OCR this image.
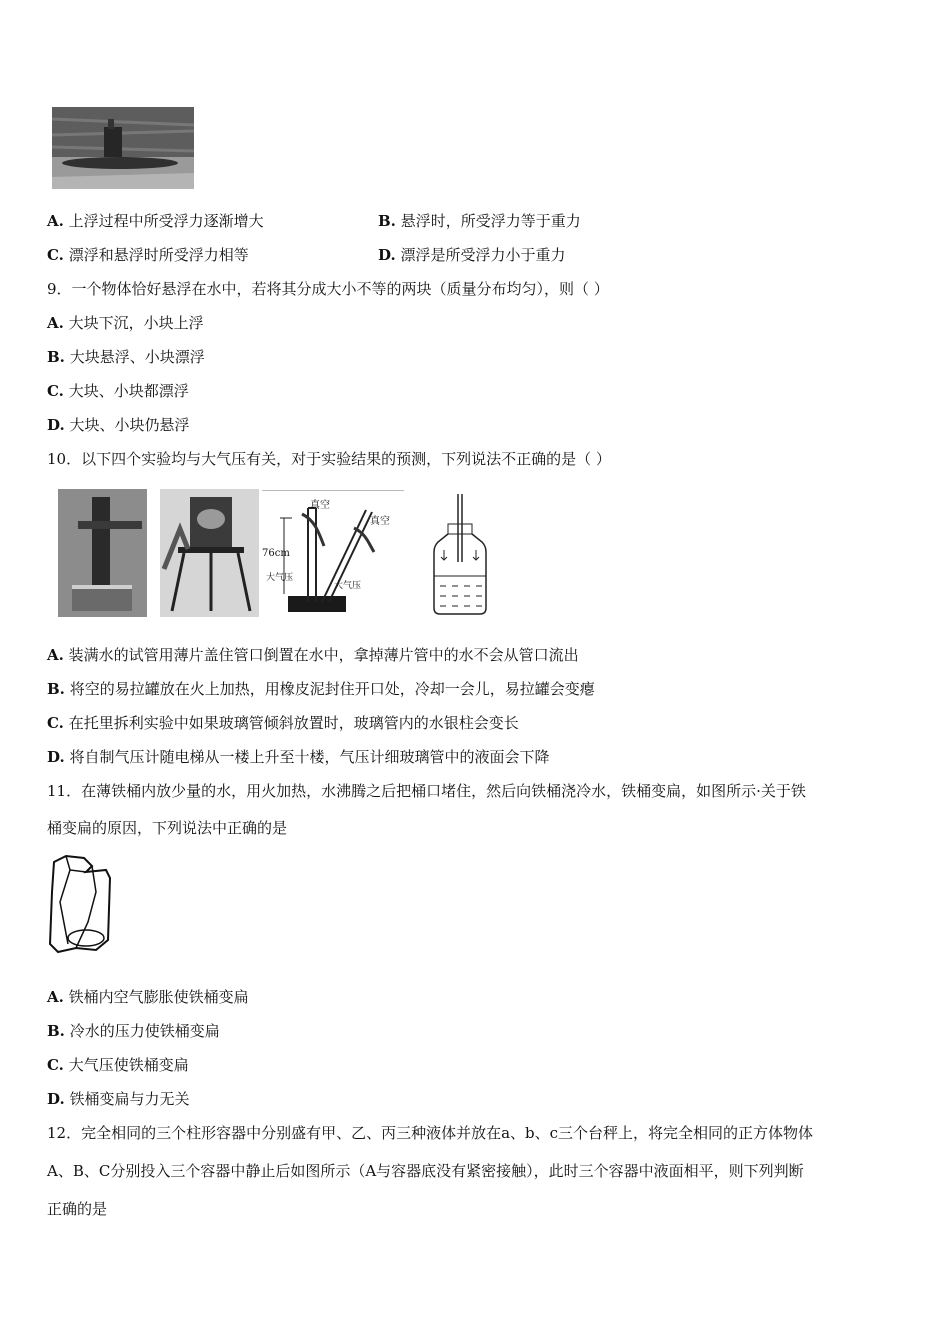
A. 上浮过程中所受浮力逐渐增大	B. 悬浮时，所受浮力等于重力
C. 漂浮和悬浮时所受浮力相等	D. 漂浮是所受浮力小于重力
9．一个物体恰好悬浮在水中，若将其分成大小不等的两块（质量分布均匀），则（ ）
A. 大块下沉，小块上浮
B. 大块悬浮、小块漂浮
C. 大块、小块都漂浮
D. 大块、小块仍悬浮
10．以下四个实验均与大气压有关，对于实验结果的预测，下列说法不正确的是（ ）
真空
真空
76cm
大气压
大气压
A. 装满水的试管用薄片盖住管口倒置在水中，拿掉薄片管中的水不会从管口流出
B. 将空的易拉罐放在火上加热，用橡皮泥封住开口处，冷却一会儿，易拉罐会变瘪
C. 在托里拆利实验中如果玻璃管倾斜放置时，玻璃管内的水银柱会变长
D. 将自制气压计随电梯从一楼上升至十楼，气压计细玻璃管中的液面会下降
11．在薄铁桶内放少量的水，用火加热，水沸腾之后把桶口堵住，然后向铁桶浇冷水，铁桶变扁，如图所示·关于铁
桶变扁的原因，下列说法中正确的是
A. 铁桶内空气膨胀使铁桶变扁
B. 冷水的压力使铁桶变扁
C. 大气压使铁桶变扁
D. 铁桶变扁与力无关
12．完全相同的三个柱形容器中分别盛有甲、乙、丙三种液体并放在a、b、c三个台秤上，将完全相同的正方体物体
A、B、C分别投入三个容器中静止后如图所示（A与容器底没有紧密接触），此时三个容器中液面相平，则下列判断
正确的是
